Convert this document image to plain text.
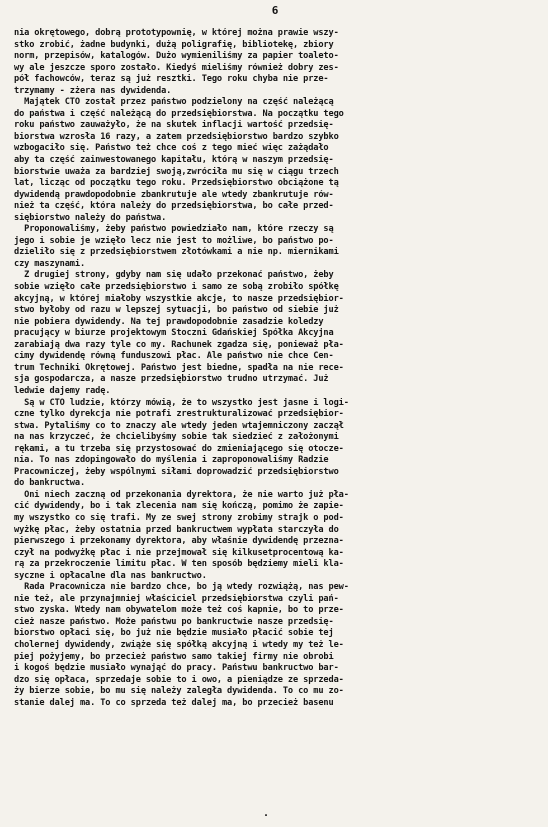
6
nia okrętowego, dobrą prototypownię, w której można prawie wszy-
stko zrobić, żadne budynki, dużą poligrafię, bibliotekę, zbiory
norm, przepisów, katalogów. Dużo wymieniliśmy za papier toaleto-
wy ale jeszcze sporo zostało. Kiedyś mieliśmy również dobry zes-
pół fachowców, teraz są już resztki. Tego roku chyba nie prze-
trzymamy - zżera nas dywidenda.
Majątek CTO został przez państwo podzielony na część należącą
do państwa i część należącą do przedsiębiorstwa. Na początku tego
roku państwo zauważyło, że na skutek inflacji wartość przedsię-
biorstwa wzrosła 16 razy, a zatem przedsiębiorstwo bardzo szybko
wzbogaciło się. Państwo też chce coś z tego mieć więc zażądało
aby ta część zainwestowanego kapitału, którą w naszym przedsię-
biorstwie uważa za bardziej swoją,zwróciła mu się w ciągu trzech
lat, licząc od początku tego roku. Przedsiębiorstwo obciążone tą
dywidendą prawdopodobnie zbankrutuje ale wtedy zbankrutuje rów-
nież ta część, która należy do przedsiębiorstwa, bo całe przed-
siębiorstwo należy do państwa.
Proponowaliśmy, żeby państwo powiedziało nam, które rzeczy są
jego i sobie je wzięło lecz nie jest to możliwe, bo państwo po-
dzieliło się z przedsiębiorstwem złotówkami a nie np. miernikami
czy maszynami.
Z drugiej strony, gdyby nam się udało przekonać państwo, żeby
sobie wzięło całe przedsiębiorstwo i samo ze sobą zrobiło spółkę
akcyjną, w której miałoby wszystkie akcje, to nasze przedsiębior-
stwo byłoby od razu w lepszej sytuacji, bo państwo od siebie już
nie pobiera dywidendy. Na tej prawdopodobnie zasadzie koledzy
pracujący w biurze projektowym Stoczni Gdańskiej Spółka Akcyjna
zarabiają dwa razy tyle co my. Rachunek zgadza się, ponieważ pła-
cimy dywidendę równą funduszowi płac. Ale państwo nie chce Cen-
trum Techniki Okrętowej. Państwo jest biedne, spadła na nie rece-
sja gospodarcza, a nasze przedsiębiorstwo trudno utrzymać. Już
ledwie dajemy radę.
Są w CTO ludzie, którzy mówią, że to wszystko jest jasne i logi-
czne tylko dyrekcja nie potrafi zrestrukturalizować przedsiębior-
stwa. Pytaliśmy co to znaczy ale wtedy jeden wtajemniczony zaczął
na nas krzyczeć, że chcielibyśmy sobie tak siedzieć z założonymi
rękami, a tu trzeba się przystosować do zmieniającego się otocze-
nia. To nas zdopingowało do myślenia i zaproponowaliśmy Radzie
Pracowniczej, żeby wspólnymi siłami doprowadzić przedsiębiorstwo
do bankructwa.
Oni niech zaczną od przekonania dyrektora, że nie warto już pła-
cić dywidendy, bo i tak zlecenia nam się kończą, pomimo że zapie-
my wszystko co się trafi. My ze swej strony zrobimy strajk o pod-
wyżkę płac, żeby ostatnia przed bankructwem wypłata starczyła do
pierwszego i przekonamy dyrektora, aby właśnie dywidendę przezna-
czył na podwyżkę płac i nie przejmował się kilkusetprocentową ka-
rą za przekroczenie limitu płac. W ten sposób będziemy mieli kla-
syczne i opłacalne dla nas bankructwo.
Rada Pracownicza nie bardzo chce, bo ją wtedy rozwiążą, nas pew-
nie też, ale przynajmniej właściciel przedsiębiorstwa czyli pań-
stwo zyska. Wtedy nam obywatelom może też coś kapnie, bo to prze-
cież nasze państwo. Może państwu po bankructwie nasze przedsię-
biorstwo opłaci się, bo już nie będzie musiało płacić sobie tej
cholernej dywidendy, zwiąże się spółką akcyjną i wtedy my też le-
piej pożyjemy, bo przecież państwo samo takiej firmy nie obrobi
i kogoś będzie musiało wynająć do pracy. Państwu bankructwo bar-
dzo się opłaca, sprzedaje sobie to i owo, a pieniądze ze sprzeda-
ży bierze sobie, bo mu się należy zaległa dywidenda. To co mu zo-
stanie dalej ma. To co sprzeda też dalej ma, bo przecież basenu
.
